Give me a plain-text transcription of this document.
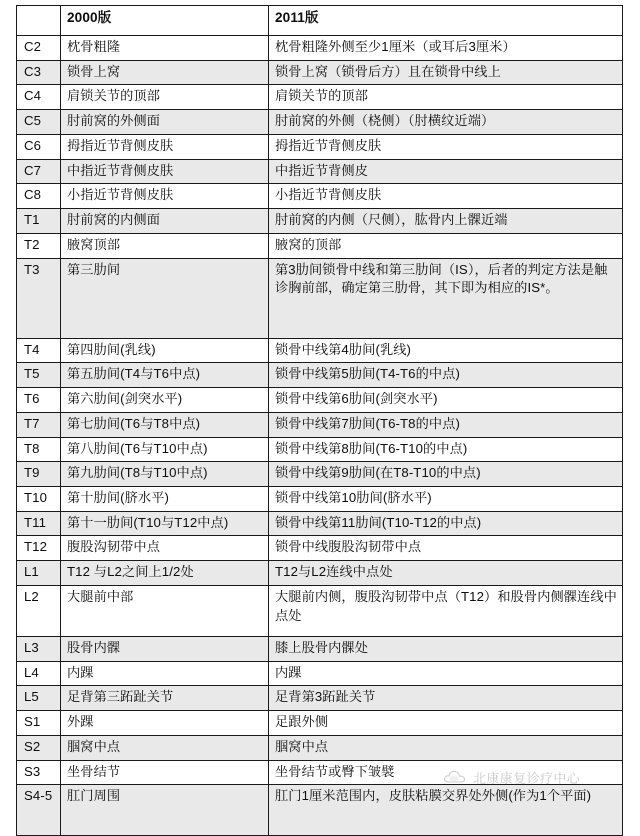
	2000版	2011版
C2	枕骨粗隆	枕骨粗隆外侧至少1厘米（或耳后3厘米）
C3	锁骨上窝	锁骨上窝（锁骨后方）且在锁骨中线上
C4	肩锁关节的顶部	肩锁关节的顶部
C5	肘前窝的外侧面	肘前窝的外侧（桡侧）（肘横纹近端）
C6	拇指近节背侧皮肤	拇指近节背侧皮肤
C7	中指近节背侧皮肤	中指近节背侧皮
C8	小指近节背侧皮肤	小指近节背侧皮肤
T1	肘前窝的内侧面	肘前窝的内侧（尺侧），肱骨内上髁近端
T2	腋窝顶部	腋窝的顶部
T3	第三肋间	第3肋间锁骨中线和第三肋间（IS），后者的判定方法是触诊胸前部，确定第三肋骨，其下即为相应的IS*。
T4	第四肋间(乳线)	锁骨中线第4肋间(乳线)
T5	第五肋间(T4与T6中点)	锁骨中线第5肋间(T4-T6的中点)
T6	第六肋间(剑突水平)	锁骨中线第6肋间(剑突水平)
T7	第七肋间(T6与T8中点)	锁骨中线第7肋间(T6-T8的中点)
T8	第八肋间(T6与T10中点)	锁骨中线第8肋间(T6-T10的中点)
T9	第九肋间(T8与T10中点)	锁骨中线第9肋间(在T8-T10的中点)
T10	第十肋间(脐水平)	锁骨中线第10肋间(脐水平)
T11	第十一肋间(T10与T12中点)	锁骨中线第11肋间(T10-T12的中点)
T12	腹股沟韧带中点	锁骨中线腹股沟韧带中点
L1	T12 与L2之间上1/2处	T12与L2连线中点处
L2	大腿前中部	大腿前内侧，腹股沟韧带中点（T12）和股骨内侧髁连线中点处
L3	股骨内髁	膝上股骨内髁处
L4	内踝	内踝
L5	足背第三跖趾关节	足背第3跖趾关节
S1	外踝	足跟外侧
S2	腘窝中点	腘窝中点
S3	坐骨结节	坐骨结节或臀下皱襞
S4-5	肛门周围	肛门1厘米范围内，皮肤粘膜交界处外侧(作为1个平面)
北康康复诊疗中心
